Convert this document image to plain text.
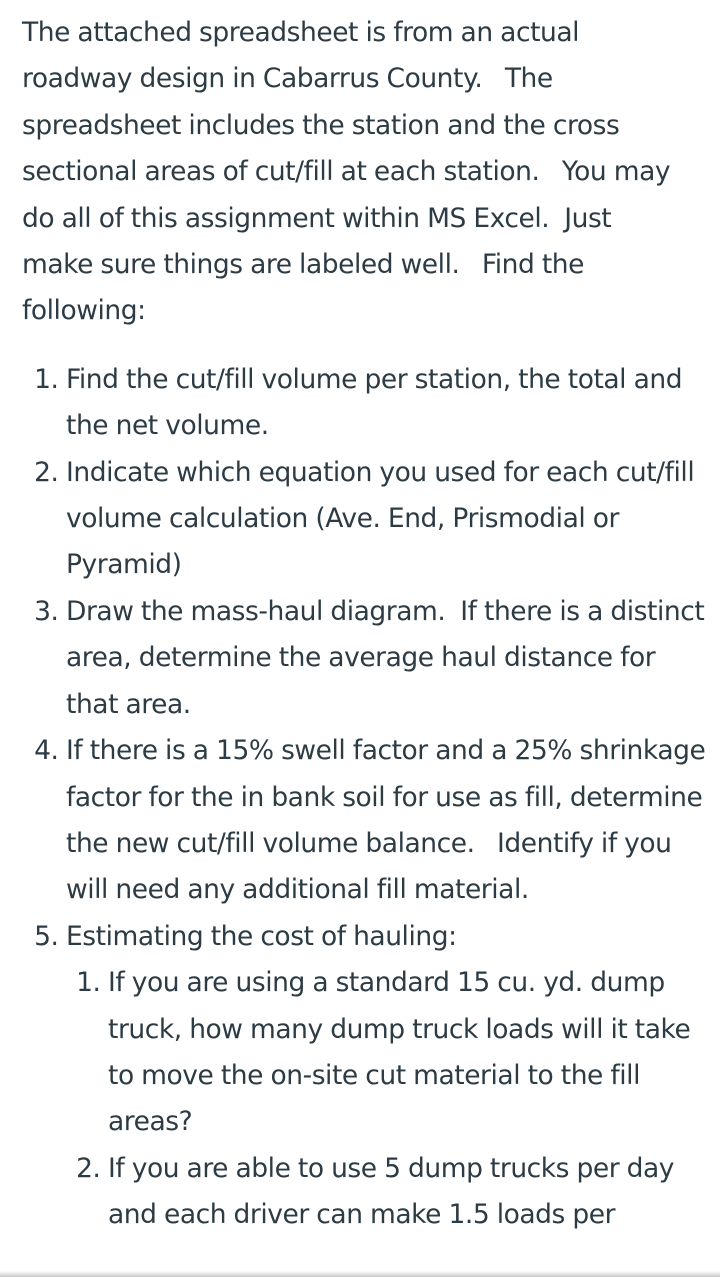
The attached spreadsheet is from an actual roadway design in Cabarrus County.   The spreadsheet includes the station and the cross sectional areas of cut/fill at each station.   You may do all of this assignment within MS Excel.  Just make sure things are labeled well.   Find the following:

1. Find the cut/fill volume per station, the total and the net volume.
2. Indicate which equation you used for each cut/fill volume calculation (Ave. End, Prismodial or Pyramid)
3. Draw the mass-haul diagram.  If there is a distinct area, determine the average haul distance for that area.
4. If there is a 15% swell factor and a 25% shrinkage factor for the in bank soil for use as fill, determine the new cut/fill volume balance.   Identify if you will need any additional fill material.
5. Estimating the cost of hauling:
1. If you are using a standard 15 cu. yd. dump truck, how many dump truck loads will it take to move the on-site cut material to the fill areas?
2. If you are able to use 5 dump trucks per day and each driver can make 1.5 loads per
